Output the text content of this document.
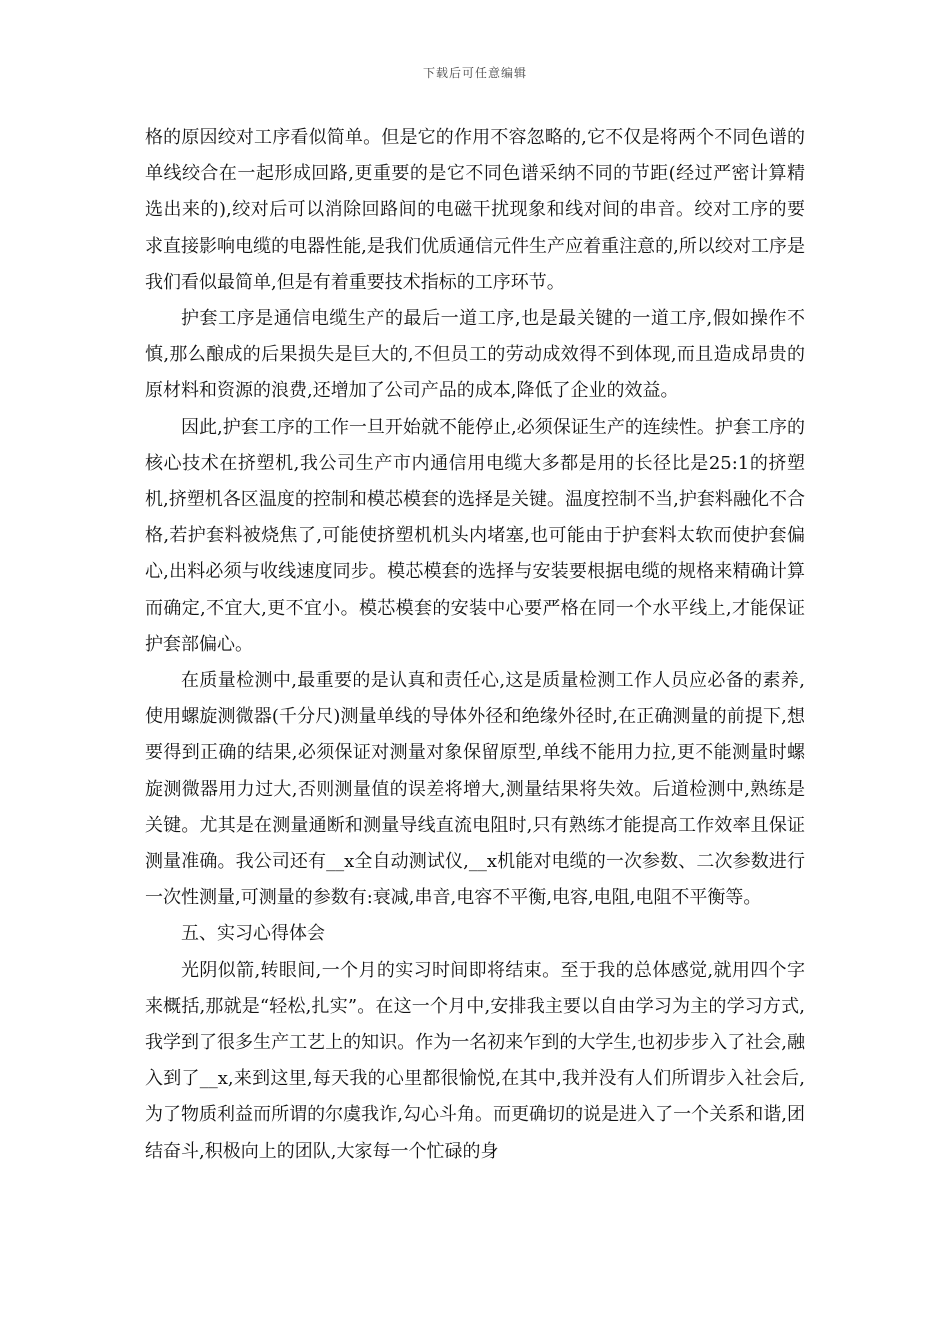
下载后可任意编辑

格的原因绞对工序看似简单。但是它的作用不容忽略的,它不仅是将两个不同色谱的单线绞合在一起形成回路,更重要的是它不同色谱采纳不同的节距(经过严密计算精选出来的),绞对后可以消除回路间的电磁干扰现象和线对间的串音。绞对工序的要求直接影响电缆的电器性能,是我们优质通信元件生产应着重注意的,所以绞对工序是我们看似最简单,但是有着重要技术指标的工序环节。

护套工序是通信电缆生产的最后一道工序,也是最关键的一道工序,假如操作不慎,那么酿成的后果损失是巨大的,不但员工的劳动成效得不到体现,而且造成昂贵的原材料和资源的浪费,还增加了公司产品的成本,降低了企业的效益。

因此,护套工序的工作一旦开始就不能停止,必须保证生产的连续性。护套工序的核心技术在挤塑机,我公司生产市内通信用电缆大多都是用的长径比是25:1的挤塑机,挤塑机各区温度的控制和模芯模套的选择是关键。温度控制不当,护套料融化不合格,若护套料被烧焦了,可能使挤塑机机头内堵塞,也可能由于护套料太软而使护套偏心,出料必须与收线速度同步。模芯模套的选择与安装要根据电缆的规格来精确计算而确定,不宜大,更不宜小。模芯模套的安装中心要严格在同一个水平线上,才能保证护套部偏心。

在质量检测中,最重要的是认真和责任心,这是质量检测工作人员应必备的素养,使用螺旋测微器(千分尺)测量单线的导体外径和绝缘外径时,在正确测量的前提下,想要得到正确的结果,必须保证对测量对象保留原型,单线不能用力拉,更不能测量时螺旋测微器用力过大,否则测量值的误差将增大,测量结果将失效。后道检测中,熟练是关键。尤其是在测量通断和测量导线直流电阻时,只有熟练才能提高工作效率且保证测量准确。我公司还有__x全自动测试仪,__x机能对电缆的一次参数、二次参数进行一次性测量,可测量的参数有:衰减,串音,电容不平衡,电容,电阻,电阻不平衡等。

五、实习心得体会

光阴似箭,转眼间,一个月的实习时间即将结束。至于我的总体感觉,就用四个字来概括,那就是“轻松,扎实”。在这一个月中,安排我主要以自由学习为主的学习方式,我学到了很多生产工艺上的知识。作为一名初来乍到的大学生,也初步步入了社会,融入到了__x,来到这里,每天我的心里都很愉悦,在其中,我并没有人们所谓步入社会后,为了物质利益而所谓的尔虞我诈,勾心斗角。而更确切的说是进入了一个关系和谐,团结奋斗,积极向上的团队,大家每一个忙碌的身
